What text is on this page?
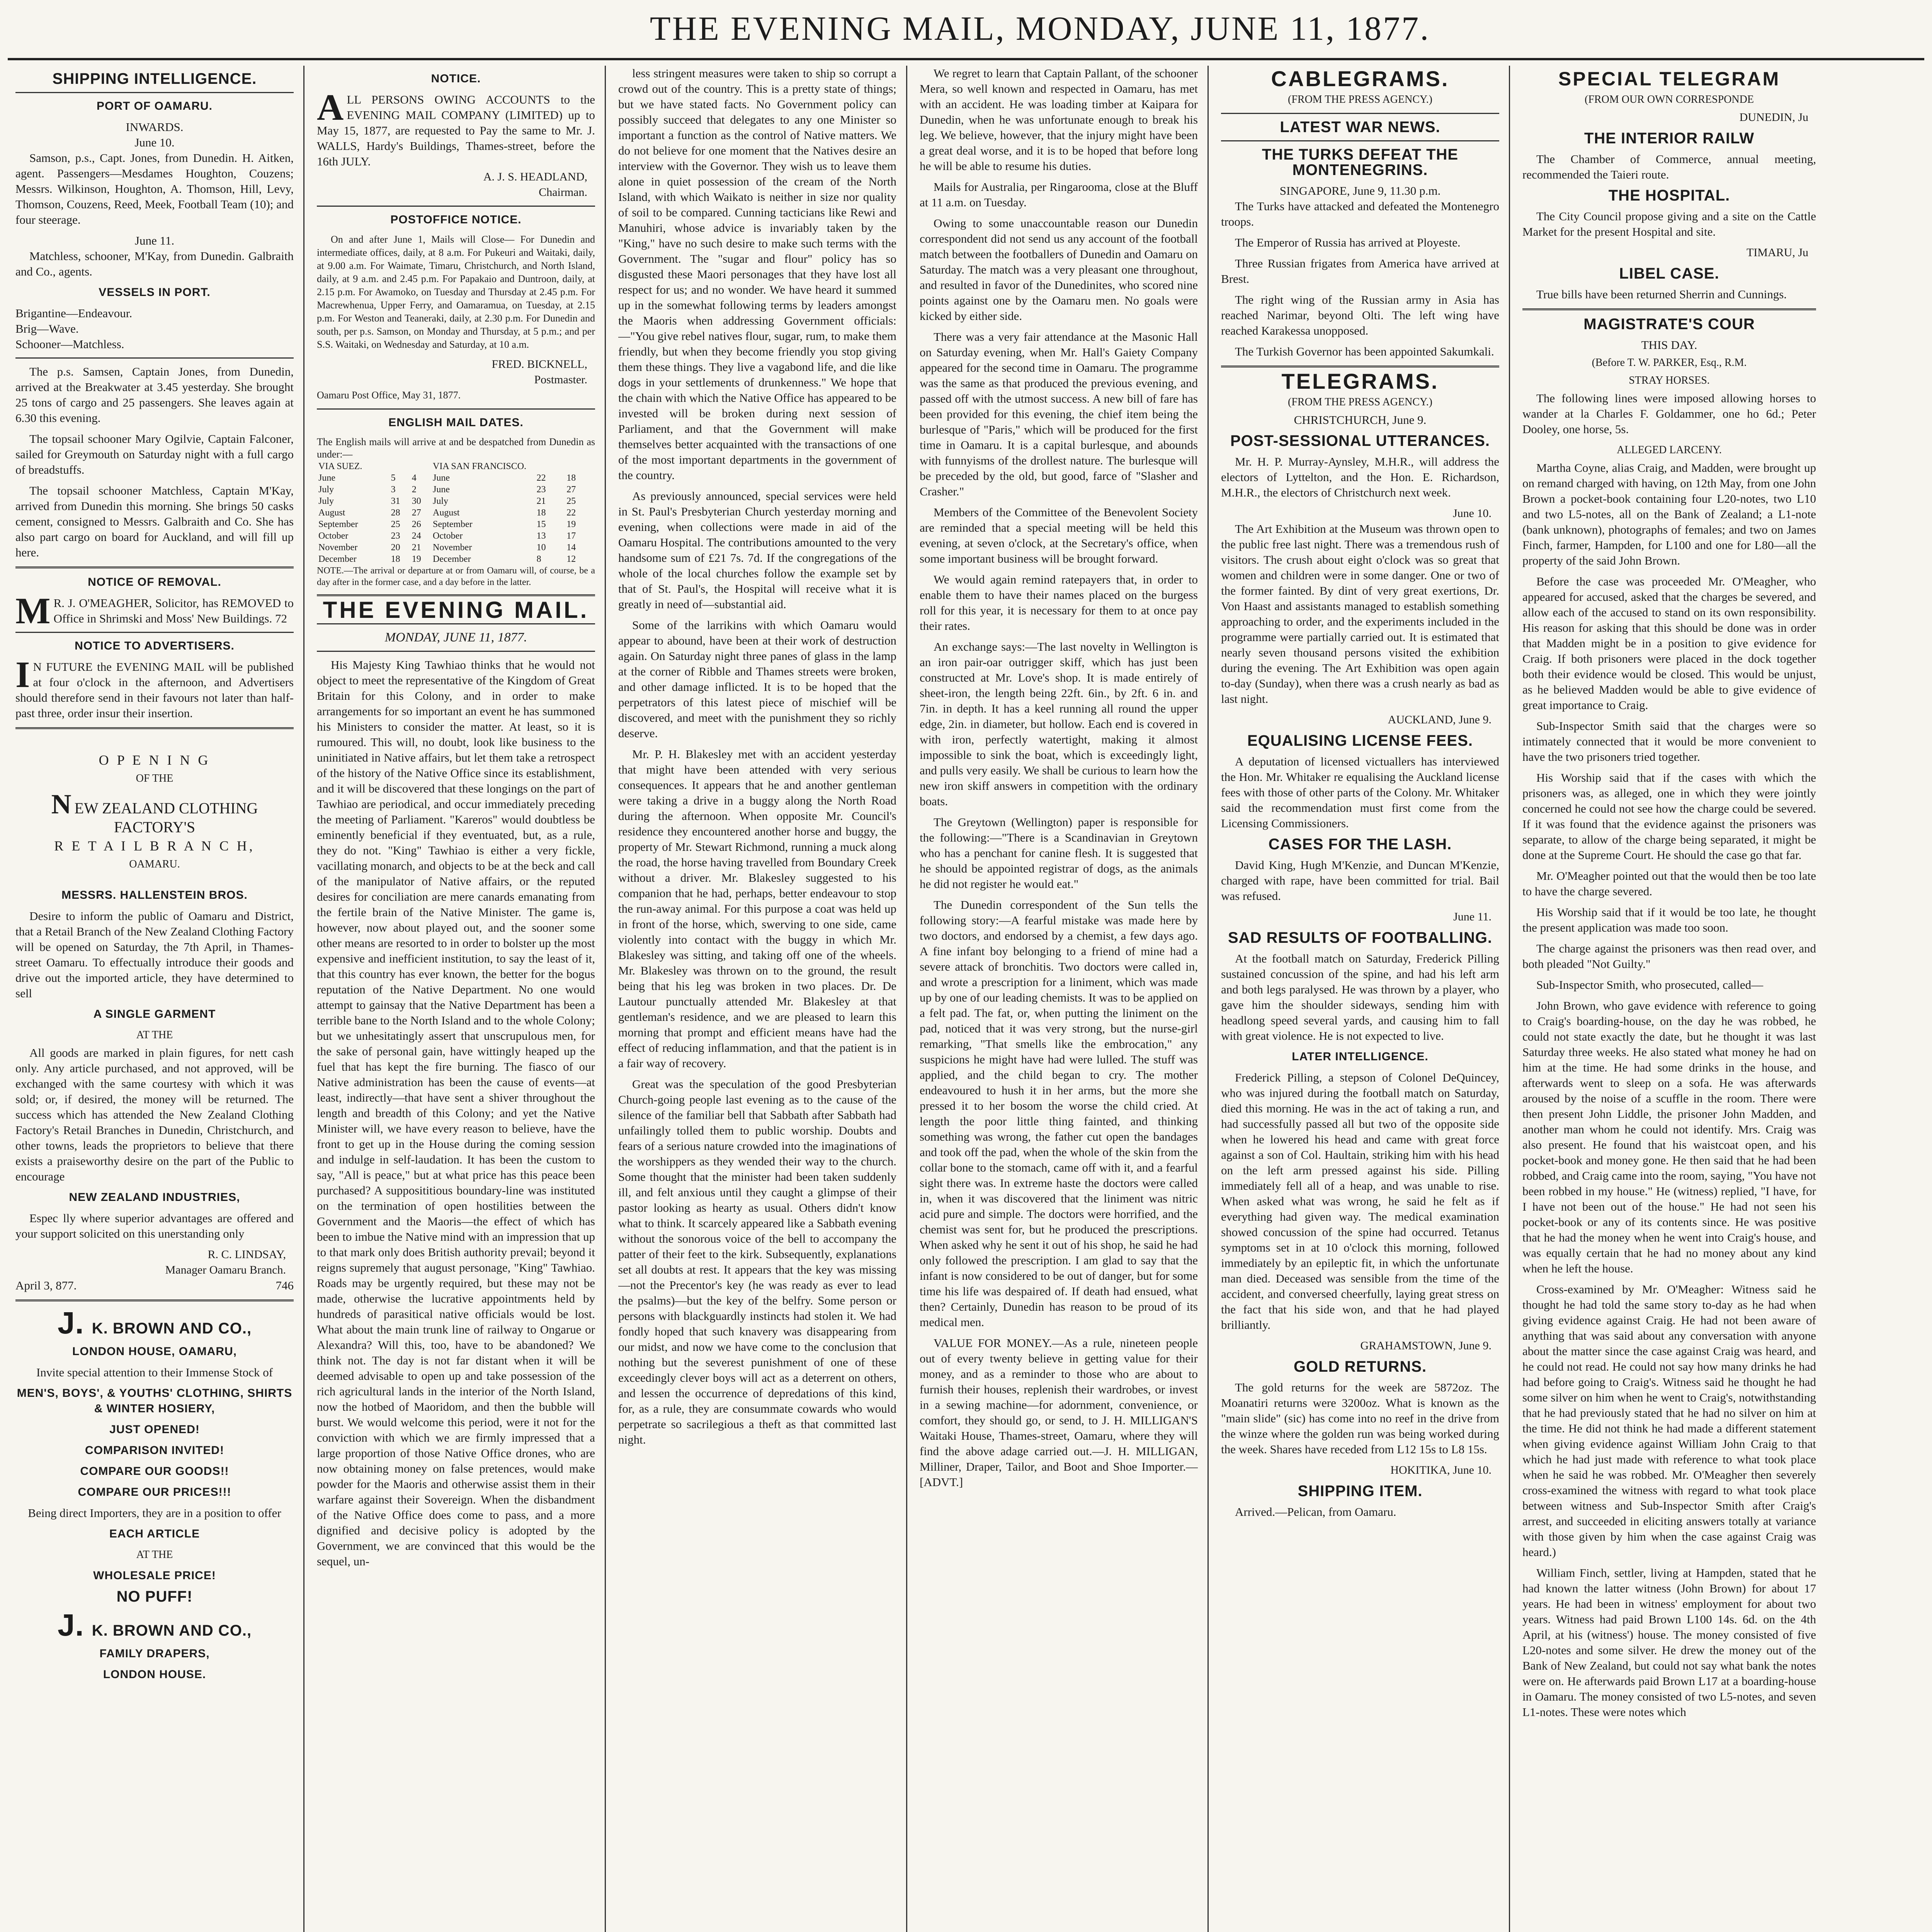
THE EVENING MAIL, MONDAY, JUNE 11, 1877.
SHIPPING INTELLIGENCE.
PORT OF OAMARU.
INWARDS.
June 10.

Samson, p.s., Capt. Jones, from Dunedin. H. Aitken, agent. Passengers—Mesdames Houghton, Couzens; Messrs. Wilkinson, Houghton, A. Thomson, Hill, Levy, Thomson, Couzens, Reed, Meek, Football Team (10); and four steerage.

June 11.

Matchless, schooner, M'Kay, from Dunedin. Galbraith and Co., agents.

VESSELS IN PORT.
Brigantine—Endeavour.
Brig—Wave.
Schooner—Matchless.

The p.s. Samsen, Captain Jones, from Dunedin, arrived at the Breakwater at 3.45 yesterday. She brought 25 tons of cargo and 25 passengers. She leaves again at 6.30 this evening.

The topsail schooner Mary Ogilvie, Captain Falconer, sailed for Greymouth on Saturday night with a full cargo of breadstuffs.

The topsail schooner Matchless, Captain M'Kay, arrived from Dunedin this morning. She brings 50 casks cement, consigned to Messrs. Galbraith and Co. She has also part cargo on board for Auckland, and will fill up here.

NOTICE OF REMOVAL.
M R. J. O'MEAGHER, Solicitor, has REMOVED to Office in Shrimski and Moss' New Buildings. 72
NOTICE TO ADVERTISERS.
I N FUTURE the EVENING MAIL will be published at four o'clock in the afternoon, and Advertisers should therefore send in their favours not later than half-past three, order insur their insertion.
O P E N I N G
OF THE
NEW ZEALAND CLOTHING FACTORY'S
R E T A I L B R A N C H,
OAMARU.
MESSRS. HALLENSTEIN BROS.

Desire to inform the public of Oamaru and District, that a Retail Branch of the New Zealand Clothing Factory will be opened on Saturday, the 7th April, in Thames-street Oamaru. To effectually introduce their goods and drive out the imported article, they have determined to sell

A SINGLE GARMENT
AT THE

All goods are marked in plain figures, for nett cash only. Any article purchased, and not approved, will be exchanged with the same courtesy with which it was sold; or, if desired, the money will be returned. The success which has attended the New Zealand Clothing Factory's Retail Branches in Dunedin, Christchurch, and other towns, leads the proprietors to believe that there exists a praiseworthy desire on the part of the Public to encourage

NEW ZEALAND INDUSTRIES,

Espec lly where superior advantages are offered and your support solicited on this unerstanding only

R. C. LINDSAY,
Manager Oamaru Branch.
April 3, 877.	746
J. K. BROWN AND CO.,
LONDON HOUSE, OAMARU,
Invite special attention to their Immense Stock of
MEN'S, BOYS', & YOUTHS' CLOTHING, SHIRTS & WINTER HOSIERY,
JUST OPENED!
COMPARISON INVITED!
COMPARE OUR GOODS!!
COMPARE OUR PRICES!!!
Being direct Importers, they are in a position to offer
EACH ARTICLE
AT THE
WHOLESALE PRICE!
NO PUFF!
J. K. BROWN AND CO.,
FAMILY DRAPERS,
LONDON HOUSE.
NOTICE.
ALL PERSONS OWING ACCOUNTS to the EVENING MAIL COMPANY (LIMITED) up to May 15, 1877, are requested to Pay the same to Mr. J. WALLS, Hardy's Buildings, Thames-street, before the 16th JULY.
A. J. S. HEADLAND,
Chairman.
POSTOFFICE NOTICE.

On and after June 1, Mails will Close— For Dunedin and intermediate offices, daily, at 8 a.m. For Pukeuri and Waitaki, daily, at 9.00 a.m. For Waimate, Timaru, Christchurch, and North Island, daily, at 9 a.m. and 2.45 p.m. For Papakaio and Duntroon, daily, at 2.15 p.m. For Awamoko, on Tuesday and Thursday at 2.45 p.m. For Macrewhenua, Upper Ferry, and Oamaramua, on Tuesday, at 2.15 p.m. For Weston and Teaneraki, daily, at 2.30 p.m. For Dunedin and south, per p.s. Samson, on Monday and Thursday, at 5 p.m.; and per S.S. Waitaki, on Wednesday and Saturday, at 10 a.m.

FRED. BICKNELL,
Postmaster.
Oamaru Post Office, May 31, 1877.
ENGLISH MAIL DATES.
The English mails will arrive at and be despatched from Dunedin as under:—
VIA SUEZ.			VIA SAN FRANCISCO.		
June	5	4	June	22	18
July	3	2	June	23	27
July	31	30	July	21	25
August	28	27	August	18	22
September	25	26	September	15	19
October	23	24	October	13	17
November	20	21	November	10	14
December	18	19	December	8	12
NOTE.—The arrival or departure at or from Oamaru will, of course, be a day after in the former case, and a day before in the latter.
THE EVENING MAIL.
MONDAY, JUNE 11, 1877.

His Majesty King Tawhiao thinks that he would not object to meet the representative of the Kingdom of Great Britain for this Colony, and in order to make arrangements for so important an event he has summoned his Ministers to consider the matter. At least, so it is rumoured. This will, no doubt, look like business to the uninitiated in Native affairs, but let them take a retrospect of the history of the Native Office since its establishment, and it will be discovered that these longings on the part of Tawhiao are periodical, and occur immediately preceding the meeting of Parliament. "Kareros" would doubtless be eminently beneficial if they eventuated, but, as a rule, they do not. "King" Tawhiao is either a very fickle, vacillating monarch, and objects to be at the beck and call of the manipulator of Native affairs, or the reputed desires for conciliation are mere canards emanating from the fertile brain of the Native Minister. The game is, however, now about played out, and the sooner some other means are resorted to in order to bolster up the most expensive and inefficient institution, to say the least of it, that this country has ever known, the better for the bogus reputation of the Native Department. No one would attempt to gainsay that the Native Department has been a terrible bane to the North Island and to the whole Colony; but we unhesitatingly assert that unscrupulous men, for the sake of personal gain, have wittingly heaped up the fuel that has kept the fire burning. The fiasco of our Native administration has been the cause of events—at least, indirectly—that have sent a shiver throughout the length and breadth of this Colony; and yet the Native Minister will, we have every reason to believe, have the front to get up in the House during the coming session and indulge in self-laudation. It has been the custom to say, "All is peace," but at what price has this peace been purchased? A supposititious boundary-line was instituted on the termination of open hostilities between the Government and the Maoris—the effect of which has been to imbue the Native mind with an impression that up to that mark only does British authority prevail; beyond it reigns supremely that august personage, "King" Tawhiao. Roads may be urgently required, but these may not be made, otherwise the lucrative appointments held by hundreds of parasitical native officials would be lost. What about the main trunk line of railway to Ongarue or Alexandra? Will this, too, have to be abandoned? We think not. The day is not far distant when it will be deemed advisable to open up and take possession of the rich agricultural lands in the interior of the North Island, now the hotbed of Maoridom, and then the bubble will burst. We would welcome this period, were it not for the conviction with which we are firmly impressed that a large proportion of those Native Office drones, who are now obtaining money on false pretences, would make powder for the Maoris and otherwise assist them in their warfare against their Sovereign. When the disbandment of the Native Office does come to pass, and a more dignified and decisive policy is adopted by the Government, we are convinced that this would be the sequel, un-

less stringent measures were taken to ship so corrupt a crowd out of the country. This is a pretty state of things; but we have stated facts. No Government policy can possibly succeed that delegates to any one Minister so important a function as the control of Native matters. We do not believe for one moment that the Natives desire an interview with the Governor. They wish us to leave them alone in quiet possession of the cream of the North Island, with which Waikato is neither in size nor quality of soil to be compared. Cunning tacticians like Rewi and Manuhiri, whose advice is invariably taken by the "King," have no such desire to make such terms with the Government. The "sugar and flour" policy has so disgusted these Maori personages that they have lost all respect for us; and no wonder. We have heard it summed up in the somewhat following terms by leaders amongst the Maoris when addressing Government officials:—"You give rebel natives flour, sugar, rum, to make them friendly, but when they become friendly you stop giving them these things. They live a vagabond life, and die like dogs in your settlements of drunkenness." We hope that the chain with which the Native Office has appeared to be invested will be broken during next session of Parliament, and that the Government will make themselves better acquainted with the transactions of one of the most important departments in the government of the country.

As previously announced, special services were held in St. Paul's Presbyterian Church yesterday morning and evening, when collections were made in aid of the Oamaru Hospital. The contributions amounted to the very handsome sum of £21 7s. 7d. If the congregations of the whole of the local churches follow the example set by that of St. Paul's, the Hospital will receive what it is greatly in need of—substantial aid.

Some of the larrikins with which Oamaru would appear to abound, have been at their work of destruction again. On Saturday night three panes of glass in the lamp at the corner of Ribble and Thames streets were broken, and other damage inflicted. It is to be hoped that the perpetrators of this latest piece of mischief will be discovered, and meet with the punishment they so richly deserve.

Mr. P. H. Blakesley met with an accident yesterday that might have been attended with very serious consequences. It appears that he and another gentleman were taking a drive in a buggy along the North Road during the afternoon. When opposite Mr. Council's residence they encountered another horse and buggy, the property of Mr. Stewart Richmond, running a muck along the road, the horse having travelled from Boundary Creek without a driver. Mr. Blakesley suggested to his companion that he had, perhaps, better endeavour to stop the run-away animal. For this purpose a coat was held up in front of the horse, which, swerving to one side, came violently into contact with the buggy in which Mr. Blakesley was sitting, and taking off one of the wheels. Mr. Blakesley was thrown on to the ground, the result being that his leg was broken in two places. Dr. De Lautour punctually attended Mr. Blakesley at that gentleman's residence, and we are pleased to learn this morning that prompt and efficient means have had the effect of reducing inflammation, and that the patient is in a fair way of recovery.

Great was the speculation of the good Presbyterian Church-going people last evening as to the cause of the silence of the familiar bell that Sabbath after Sabbath had unfailingly tolled them to public worship. Doubts and fears of a serious nature crowded into the imaginations of the worshippers as they wended their way to the church. Some thought that the minister had been taken suddenly ill, and felt anxious until they caught a glimpse of their pastor looking as hearty as usual. Others didn't know what to think. It scarcely appeared like a Sabbath evening without the sonorous voice of the bell to accompany the patter of their feet to the kirk. Subsequently, explanations set all doubts at rest. It appears that the key was missing—not the Precentor's key (he was ready as ever to lead the psalms)—but the key of the belfry. Some person or persons with blackguardly instincts had stolen it. We had fondly hoped that such knavery was disappearing from our midst, and now we have come to the conclusion that nothing but the severest punishment of one of these exceedingly clever boys will act as a deterrent on others, and lessen the occurrence of depredations of this kind, for, as a rule, they are consummate cowards who would perpetrate so sacrilegious a theft as that committed last night.

We regret to learn that Captain Pallant, of the schooner Mera, so well known and respected in Oamaru, has met with an accident. He was loading timber at Kaipara for Dunedin, when he was unfortunate enough to break his leg. We believe, however, that the injury might have been a great deal worse, and it is to be hoped that before long he will be able to resume his duties.

Mails for Australia, per Ringarooma, close at the Bluff at 11 a.m. on Tuesday.

Owing to some unaccountable reason our Dunedin correspondent did not send us any account of the football match between the footballers of Dunedin and Oamaru on Saturday. The match was a very pleasant one throughout, and resulted in favor of the Dunedinites, who scored nine points against one by the Oamaru men. No goals were kicked by either side.

There was a very fair attendance at the Masonic Hall on Saturday evening, when Mr. Hall's Gaiety Company appeared for the second time in Oamaru. The programme was the same as that produced the previous evening, and passed off with the utmost success. A new bill of fare has been provided for this evening, the chief item being the burlesque of "Paris," which will be produced for the first time in Oamaru. It is a capital burlesque, and abounds with funnyisms of the drollest nature. The burlesque will be preceded by the old, but good, farce of "Slasher and Crasher."

Members of the Committee of the Benevolent Society are reminded that a special meeting will be held this evening, at seven o'clock, at the Secretary's office, when some important business will be brought forward.

We would again remind ratepayers that, in order to enable them to have their names placed on the burgess roll for this year, it is necessary for them to at once pay their rates.

An exchange says:—The last novelty in Wellington is an iron pair-oar outrigger skiff, which has just been constructed at Mr. Love's shop. It is made entirely of sheet-iron, the length being 22ft. 6in., by 2ft. 6 in. and 7in. in depth. It has a keel running all round the upper edge, 2in. in diameter, but hollow. Each end is covered in with iron, perfectly watertight, making it almost impossible to sink the boat, which is exceedingly light, and pulls very easily. We shall be curious to learn how the new iron skiff answers in competition with the ordinary boats.

The Greytown (Wellington) paper is responsible for the following:—"There is a Scandinavian in Greytown who has a penchant for canine flesh. It is suggested that he should be appointed registrar of dogs, as the animals he did not register he would eat."

The Dunedin correspondent of the Sun tells the following story:—A fearful mistake was made here by two doctors, and endorsed by a chemist, a few days ago. A fine infant boy belonging to a friend of mine had a severe attack of bronchitis. Two doctors were called in, and wrote a prescription for a liniment, which was made up by one of our leading chemists. It was to be applied on a felt pad. The fat, or, when putting the liniment on the pad, noticed that it was very strong, but the nurse-girl remarking, "That smells like the embrocation," any suspicions he might have had were lulled. The stuff was applied, and the child began to cry. The mother endeavoured to hush it in her arms, but the more she pressed it to her bosom the worse the child cried. At length the poor little thing fainted, and thinking something was wrong, the father cut open the bandages and took off the pad, when the whole of the skin from the collar bone to the stomach, came off with it, and a fearful sight there was. In extreme haste the doctors were called in, when it was discovered that the liniment was nitric acid pure and simple. The doctors were horrified, and the chemist was sent for, but he produced the prescriptions. When asked why he sent it out of his shop, he said he had only followed the prescription. I am glad to say that the infant is now considered to be out of danger, but for some time his life was despaired of. If death had ensued, what then? Certainly, Dunedin has reason to be proud of its medical men.

VALUE FOR MONEY.—As a rule, nineteen people out of every twenty believe in getting value for their money, and as a reminder to those who are about to furnish their houses, replenish their wardrobes, or invest in a sewing machine—for adornment, convenience, or comfort, they should go, or send, to J. H. MILLIGAN'S Waitaki House, Thames-street, Oamaru, where they will find the above adage carried out.—J. H. MILLIGAN, Milliner, Draper, Tailor, and Boot and Shoe Importer.—[ADVT.]

CABLEGRAMS.
(FROM THE PRESS AGENCY.)
LATEST WAR NEWS.
THE TURKS DEFEAT THE MONTENEGRINS.
SINGAPORE, June 9, 11.30 p.m.

The Turks have attacked and defeated the Montenegro troops.

The Emperor of Russia has arrived at Ployeste.

Three Russian frigates from America have arrived at Brest.

The right wing of the Russian army in Asia has reached Narimar, beyond Olti. The left wing have reached Karakessa unopposed.

The Turkish Governor has been appointed Sakumkali.

TELEGRAMS.
(FROM THE PRESS AGENCY.)
CHRISTCHURCH, June 9.
POST-SESSIONAL UTTERANCES.

Mr. H. P. Murray-Aynsley, M.H.R., will address the electors of Lyttelton, and the Hon. E. Richardson, M.H.R., the electors of Christchurch next week.

June 10.

The Art Exhibition at the Museum was thrown open to the public free last night. There was a tremendous rush of visitors. The crush about eight o'clock was so great that women and children were in some danger. One or two of the former fainted. By dint of very great exertions, Dr. Von Haast and assistants managed to establish something approaching to order, and the experiments included in the programme were partially carried out. It is estimated that nearly seven thousand persons visited the exhibition during the evening. The Art Exhibition was open again to-day (Sunday), when there was a crush nearly as bad as last night.

AUCKLAND, June 9.
EQUALISING LICENSE FEES.

A deputation of licensed victuallers has interviewed the Hon. Mr. Whitaker re equalising the Auckland license fees with those of other parts of the Colony. Mr. Whitaker said the recommendation must first come from the Licensing Commissioners.

CASES FOR THE LASH.

David King, Hugh M'Kenzie, and Duncan M'Kenzie, charged with rape, have been committed for trial. Bail was refused.

June 11.
SAD RESULTS OF FOOTBALLING.

At the football match on Saturday, Frederick Pilling sustained concussion of the spine, and had his left arm and both legs paralysed. He was thrown by a player, who gave him the shoulder sideways, sending him with headlong speed several yards, and causing him to fall with great violence. He is not expected to live.

LATER INTELLIGENCE.

Frederick Pilling, a stepson of Colonel DeQuincey, who was injured during the football match on Saturday, died this morning. He was in the act of taking a run, and had successfully passed all but two of the opposite side when he lowered his head and came with great force against a son of Col. Haultain, striking him with his head on the left arm pressed against his side. Pilling immediately fell all of a heap, and was unable to rise. When asked what was wrong, he said he felt as if everything had given way. The medical examination showed concussion of the spine had occurred. Tetanus symptoms set in at 10 o'clock this morning, followed immediately by an epileptic fit, in which the unfortunate man died. Deceased was sensible from the time of the accident, and conversed cheerfully, laying great stress on the fact that his side won, and that he had played brilliantly.

GRAHAMSTOWN, June 9.
GOLD RETURNS.

The gold returns for the week are 5872oz. The Moanatiri returns were 3200oz. What is known as the "main slide" (sic) has come into no reef in the drive from the winze where the golden run was being worked during the week. Shares have receded from L12 15s to L8 15s.

HOKITIKA, June 10.
SHIPPING ITEM.

Arrived.—Pelican, from Oamaru.

SPECIAL TELEGRAM
(FROM OUR OWN CORRESPONDE
DUNEDIN, Ju
THE INTERIOR RAILW

The Chamber of Commerce, annual meeting, recommended the Taieri route.

THE HOSPITAL.

The City Council propose giving and a site on the Cattle Market for the present Hospital and site.

TIMARU, Ju
LIBEL CASE.

True bills have been returned Sherrin and Cunnings.

MAGISTRATE'S COUR
THIS DAY.
(Before T. W. PARKER, Esq., R.M.
STRAY HORSES.

The following lines were imposed allowing horses to wander at la Charles F. Goldammer, one ho 6d.; Peter Dooley, one horse, 5s.

ALLEGED LARCENY.

Martha Coyne, alias Craig, and Madden, were brought up on remand charged with having, on 12th May, from one John Brown a pocket-book containing four L20-notes, two L10 and two L5-notes, all on the Bank of Zealand; a L1-note (bank unknown), photographs of females; and two on James Finch, farmer, Hampden, for L100 and one for L80—all the property of the said John Brown.

Before the case was proceeded Mr. O'Meagher, who appeared for accused, asked that the charges be severed, and allow each of the accused to stand on its own responsibility. His reason for asking that this should be done was in order that Madden might be in a position to give evidence for Craig. If both prisoners were placed in the dock together both their evidence would be closed. This would be unjust, as he believed Madden would be able to give evidence of great importance to Craig.

Sub-Inspector Smith said that the charges were so intimately connected that it would be more convenient to have the two prisoners tried together.

His Worship said that if the cases with which the prisoners was, as alleged, one in which they were jointly concerned he could not see how the charge could be severed. If it was found that the evidence against the prisoners was separate, to allow of the charge being separated, it might be done at the Supreme Court. He should the case go that far.

Mr. O'Meagher pointed out that the would then be too late to have the charge severed.

His Worship said that if it would be too late, he thought the present application was made too soon.

The charge against the prisoners was then read over, and both pleaded "Not Guilty."

Sub-Inspector Smith, who prosecuted, called—

John Brown, who gave evidence with reference to going to Craig's boarding-house, on the day he was robbed, he could not state exactly the date, but he thought it was last Saturday three weeks. He also stated what money he had on him at the time. He had some drinks in the house, and afterwards went to sleep on a sofa. He was afterwards aroused by the noise of a scuffle in the room. There were then present John Liddle, the prisoner John Madden, and another man whom he could not identify. Mrs. Craig was also present. He found that his waistcoat open, and his pocket-book and money gone. He then said that he had been robbed, and Craig came into the room, saying, "You have not been robbed in my house." He (witness) replied, "I have, for I have not been out of the house." He had not seen his pocket-book or any of its contents since. He was positive that he had the money when he went into Craig's house, and was equally certain that he had no money about any kind when he left the house.

Cross-examined by Mr. O'Meagher: Witness said he thought he had told the same story to-day as he had when giving evidence against Craig. He had not been aware of anything that was said about any conversation with anyone about the matter since the case against Craig was heard, and he could not read. He could not say how many drinks he had had before going to Craig's. Witness said he thought he had some silver on him when he went to Craig's, notwithstanding that he had previously stated that he had no silver on him at the time. He did not think he had made a different statement when giving evidence against William John Craig to that which he had just made with reference to what took place when he said he was robbed. Mr. O'Meagher then severely cross-examined the witness with regard to what took place between witness and Sub-Inspector Smith after Craig's arrest, and succeeded in eliciting answers totally at variance with those given by him when the case against Craig was heard.)

William Finch, settler, living at Hampden, stated that he had known the latter witness (John Brown) for about 17 years. He had been in witness' employment for about two years. Witness had paid Brown L100 14s. 6d. on the 4th April, at his (witness') house. The money consisted of five L20-notes and some silver. He drew the money out of the Bank of New Zealand, but could not say what bank the notes were on. He afterwards paid Brown L17 at a boarding-house in Oamaru. The money consisted of two L5-notes, and seven L1-notes. These were notes which
